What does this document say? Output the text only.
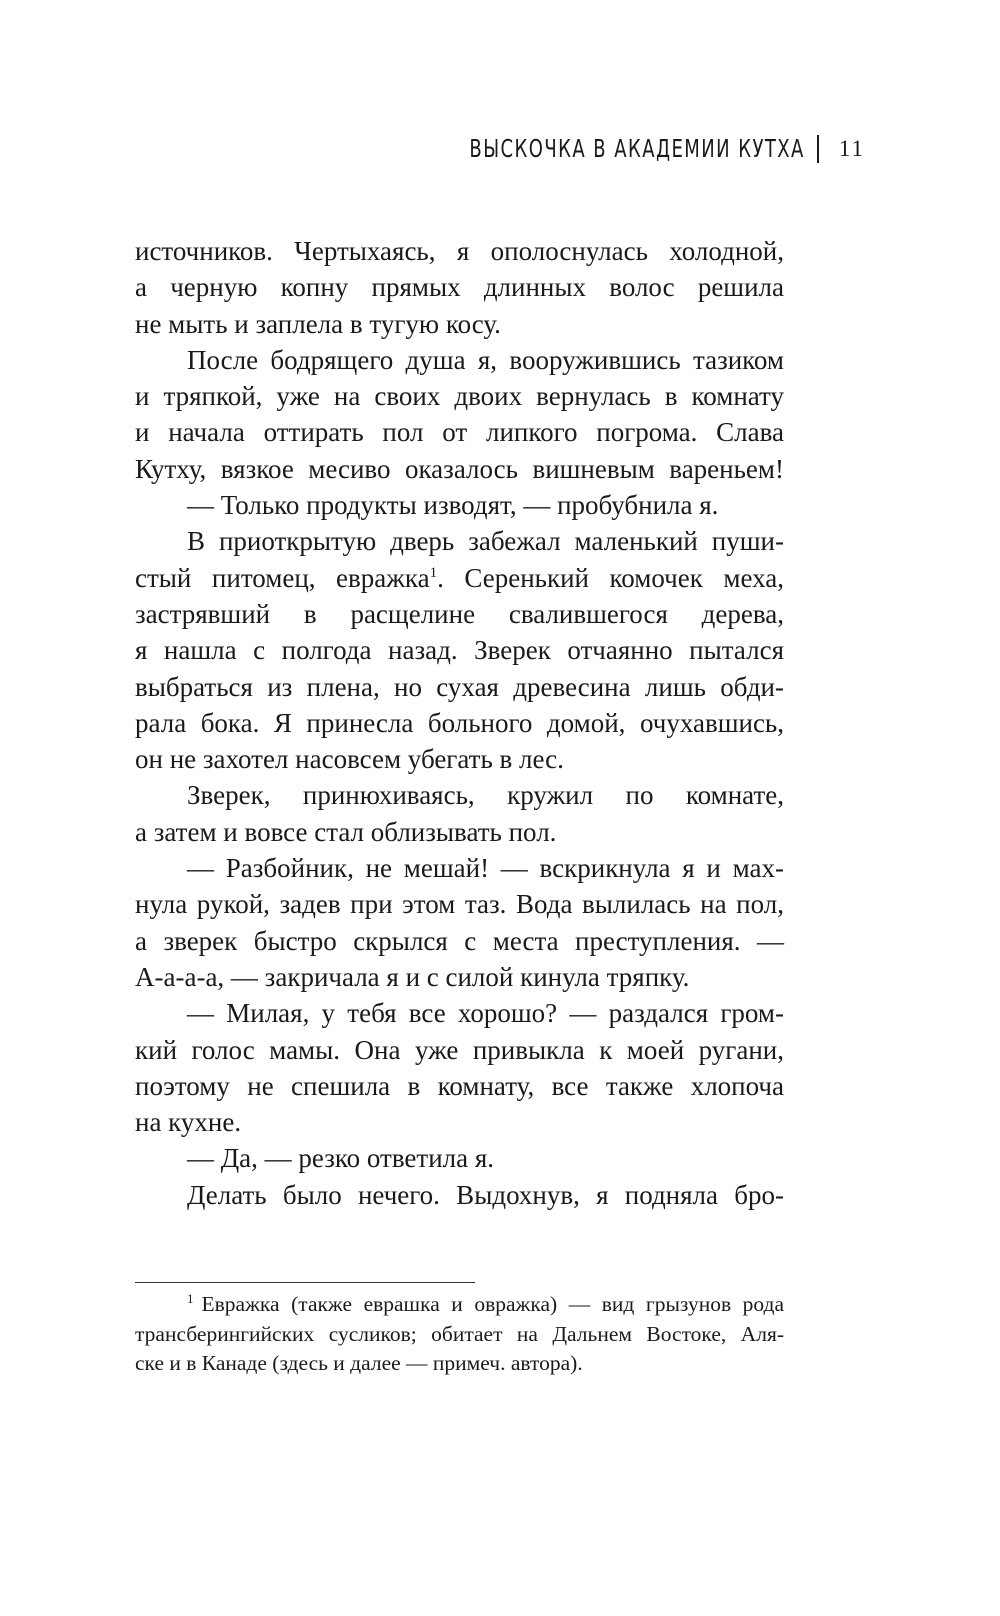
ВЫСКОЧКА В АКАДЕМИИ КУТХА 11

источников. Чертыхаясь, я ополоснулась холодной,

а черную копну прямых длинных волос решила

не мыть и заплела в тугую косу.

После бодрящего душа я, вооружившись тазиком

и тряпкой, уже на своих двоих вернулась в комнату

и начала оттирать пол от липкого погрома. Слава

Кутху, вязкое месиво оказалось вишневым вареньем!

— Только продукты изводят, — пробубнила я.

В приоткрытую дверь забежал маленький пуши-

стый питомец, евражка$^1$. Серенький комочек меха,

застрявший в расщелине свалившегося дерева,

я нашла с полгода назад. Зверек отчаянно пытался

выбраться из плена, но сухая древесина лишь обди-

рала бока. Я принесла больного домой, очухавшись,

он не захотел насовсем убегать в лес.

Зверек, принюхиваясь, кружил по комнате,

а затем и вовсе стал облизывать пол.

— Разбойник, не мешай! — вскрикнула я и мах-

нула рукой, задев при этом таз. Вода вылилась на пол,

а зверек быстро скрылся с места преступления. —

А-а-а-а, — закричала я и с силой кинула тряпку.

— Милая, у тебя все хорошо? — раздался гром-

кий голос мамы. Она уже привыкла к моей ругани,

поэтому не спешила в комнату, все также хлопоча

на кухне.

— Да, — резко ответила я.

Делать было нечего. Выдохнув, я подняла бро-

$^1$ Евражка (также еврашка и овражка) — вид грызунов рода

трансберингийских сусликов; обитает на Дальнем Востоке, Аля-

ске и в Канаде (здесь и далее — примеч. автора).
